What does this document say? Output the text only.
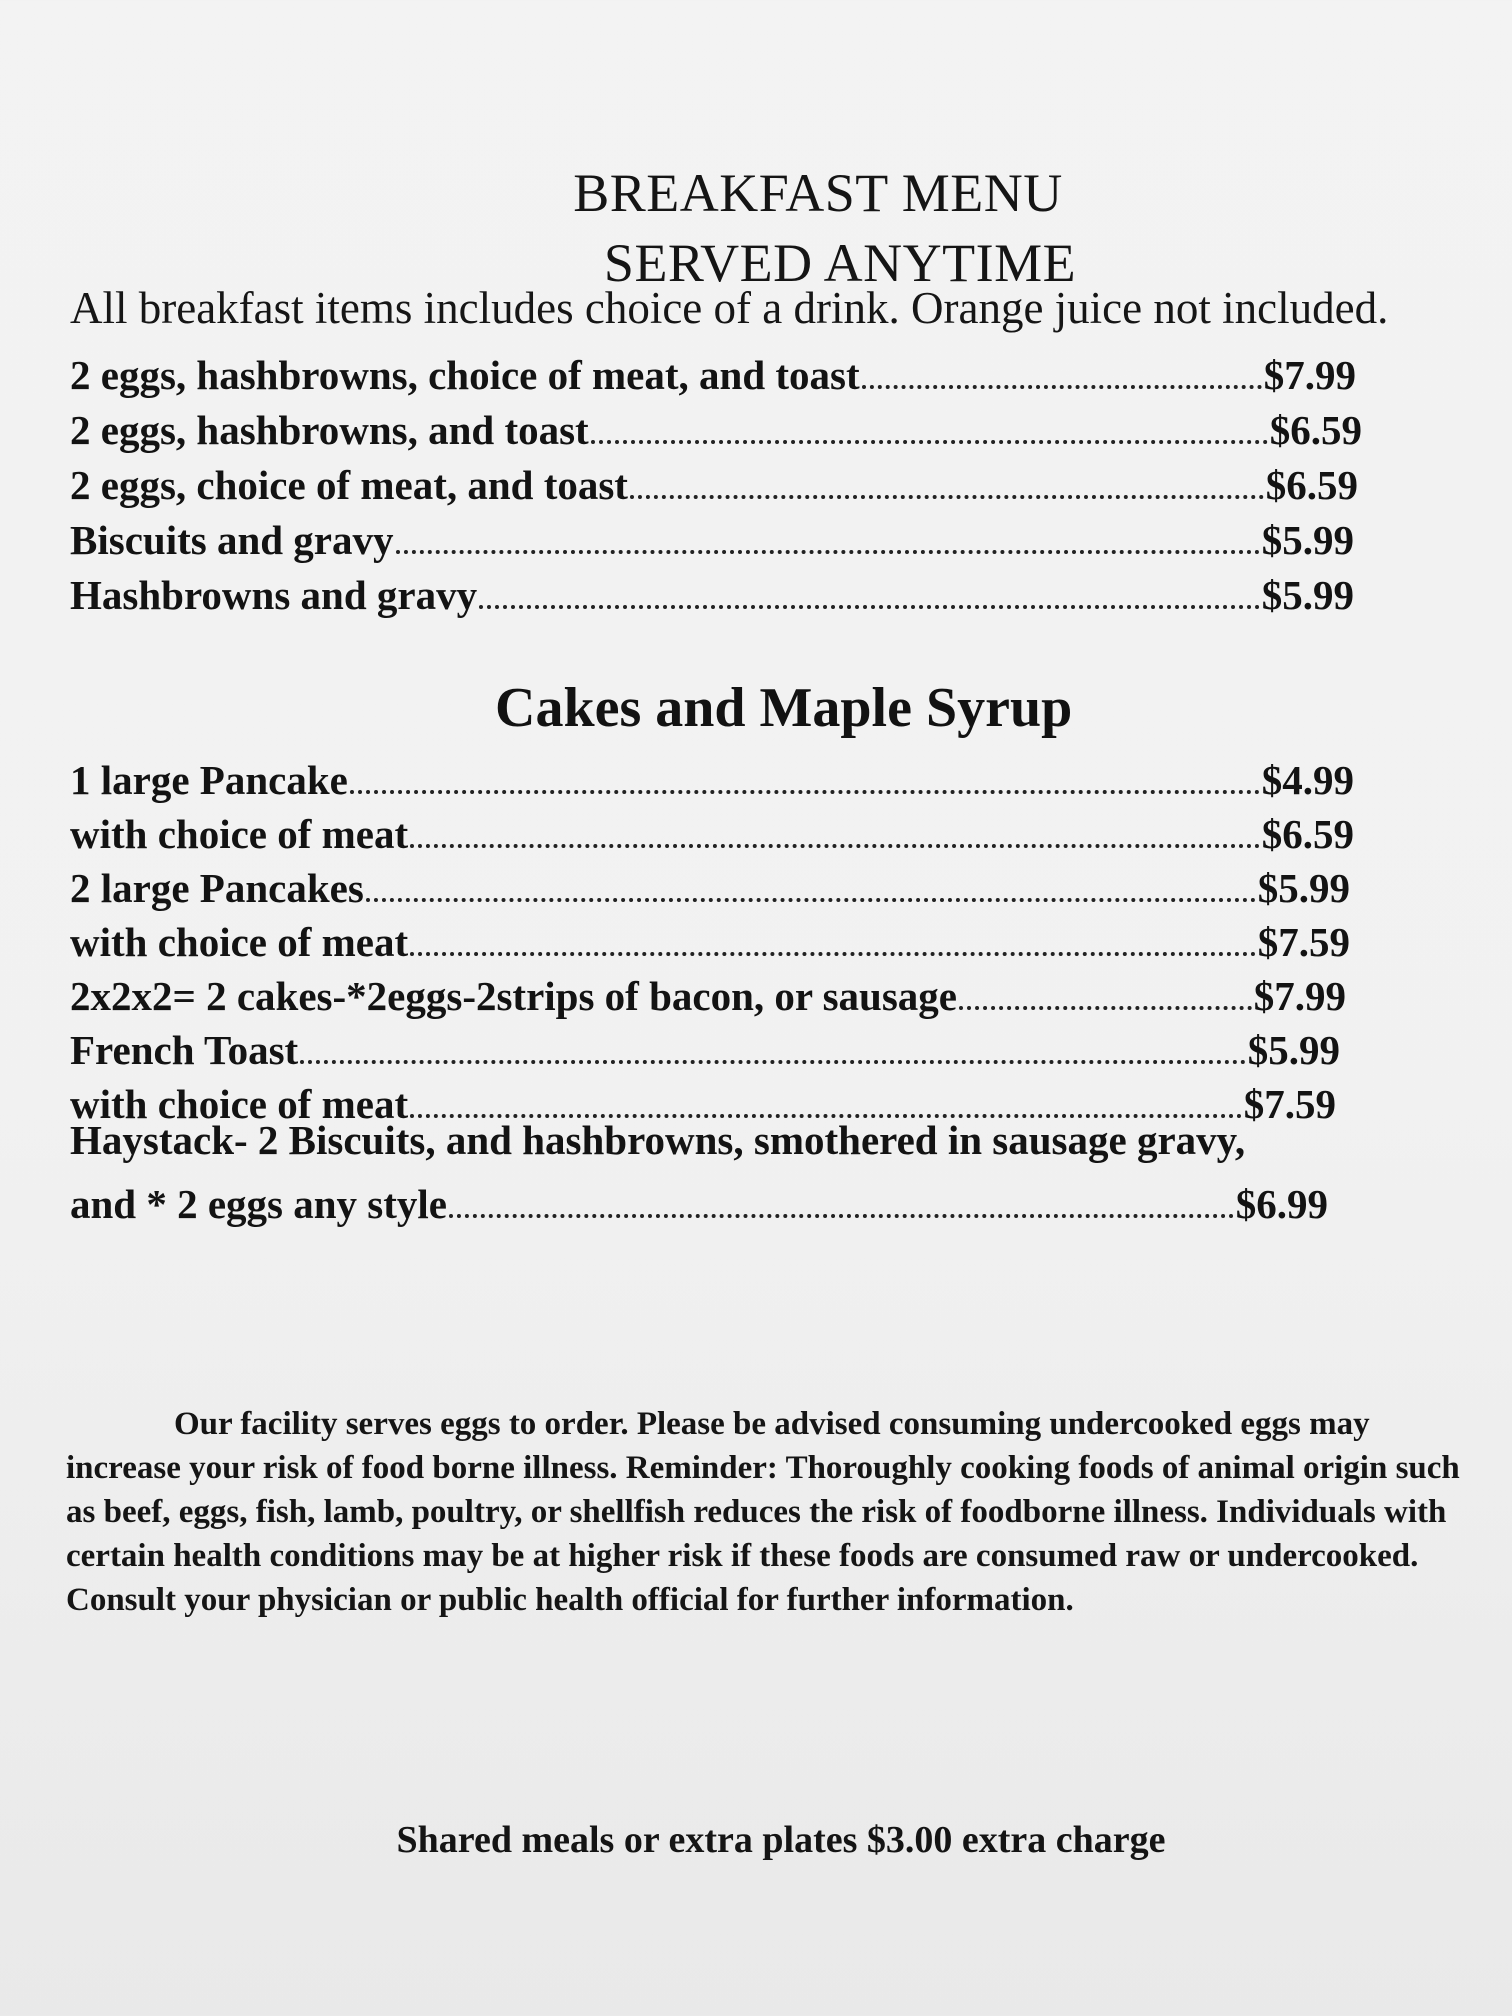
BREAKFAST MENU
SERVED ANYTIME
All breakfast items includes choice of a drink. Orange juice not included.
2 eggs, hashbrowns, choice of meat, and toast	$7.99
2 eggs, hashbrowns, and toast	$6.59
2 eggs, choice of meat, and toast	$6.59
Biscuits and gravy	$5.99
Hashbrowns and gravy	$5.99
Cakes and Maple Syrup
1 large Pancake	$4.99
with choice of meat	$6.59
2 large Pancakes	$5.99
with choice of meat	$7.59
2x2x2= 2 cakes-*2eggs-2strips of bacon, or sausage	$7.99
French Toast	$5.99
with choice of meat	$7.59
Haystack- 2 Biscuits, and hashbrowns, smothered in sausage gravy,
and * 2 eggs any style	$6.99
Our facility serves eggs to order. Please be advised consuming undercooked eggs may increase your risk of food borne illness. Reminder: Thoroughly cooking foods of animal origin such as beef, eggs, fish, lamb, poultry, or shellfish reduces the risk of foodborne illness. Individuals with certain health conditions may be at higher risk if these foods are consumed raw or undercooked. Consult your physician or public health official for further information.
Shared meals or extra plates $3.00 extra charge
